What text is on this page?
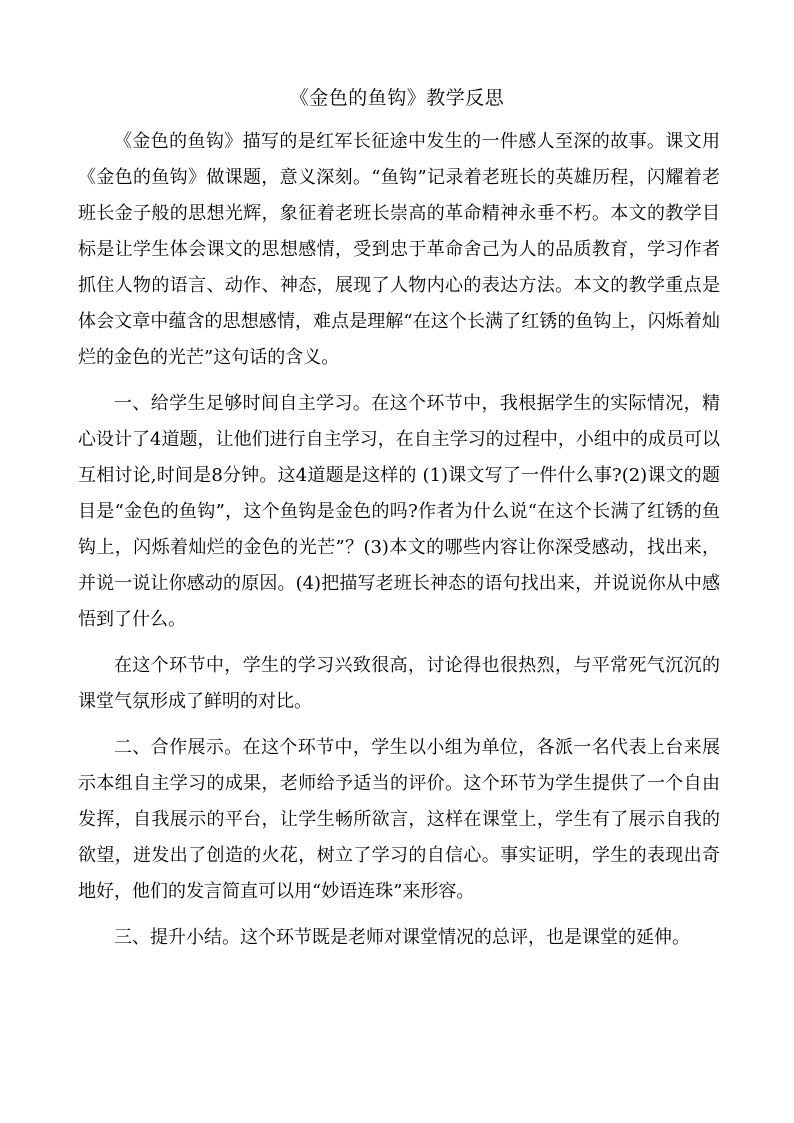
《金色的鱼钩》教学反思

《金色的鱼钩》描写的是红军长征途中发生的一件感人至深的故事。课文用《金色的鱼钩》做课题，意义深刻。“鱼钩”记录着老班长的英雄历程，闪耀着老班长金子般的思想光辉，象征着老班长崇高的革命精神永垂不朽。本文的教学目标是让学生体会课文的思想感情，受到忠于革命舍己为人的品质教育，学习作者抓住人物的语言、动作、神态，展现了人物内心的表达方法。本文的教学重点是体会文章中蕴含的思想感情，难点是理解“在这个长满了红锈的鱼钩上，闪烁着灿烂的金色的光芒”这句话的含义。

一、给学生足够时间自主学习。在这个环节中，我根据学生的实际情况，精心设计了4道题，让他们进行自主学习，在自主学习的过程中，小组中的成员可以互相讨论,时间是8分钟。这4道题是这样的 (1)课文写了一件什么事?(2)课文的题目是“金色的鱼钩”，这个鱼钩是金色的吗?作者为什么说“在这个长满了红锈的鱼钩上，闪烁着灿烂的金色的光芒”？(3)本文的哪些内容让你深受感动，找出来，并说一说让你感动的原因。(4)把描写老班长神态的语句找出来，并说说你从中感悟到了什么。

在这个环节中，学生的学习兴致很高，讨论得也很热烈，与平常死气沉沉的课堂气氛形成了鲜明的对比。

二、合作展示。在这个环节中，学生以小组为单位，各派一名代表上台来展示本组自主学习的成果，老师给予适当的评价。这个环节为学生提供了一个自由发挥，自我展示的平台，让学生畅所欲言，这样在课堂上，学生有了展示自我的欲望，迸发出了创造的火花，树立了学习的自信心。事实证明，学生的表现出奇地好，他们的发言简直可以用“妙语连珠”来形容。

三、提升小结。这个环节既是老师对课堂情况的总评，也是课堂的延伸。
